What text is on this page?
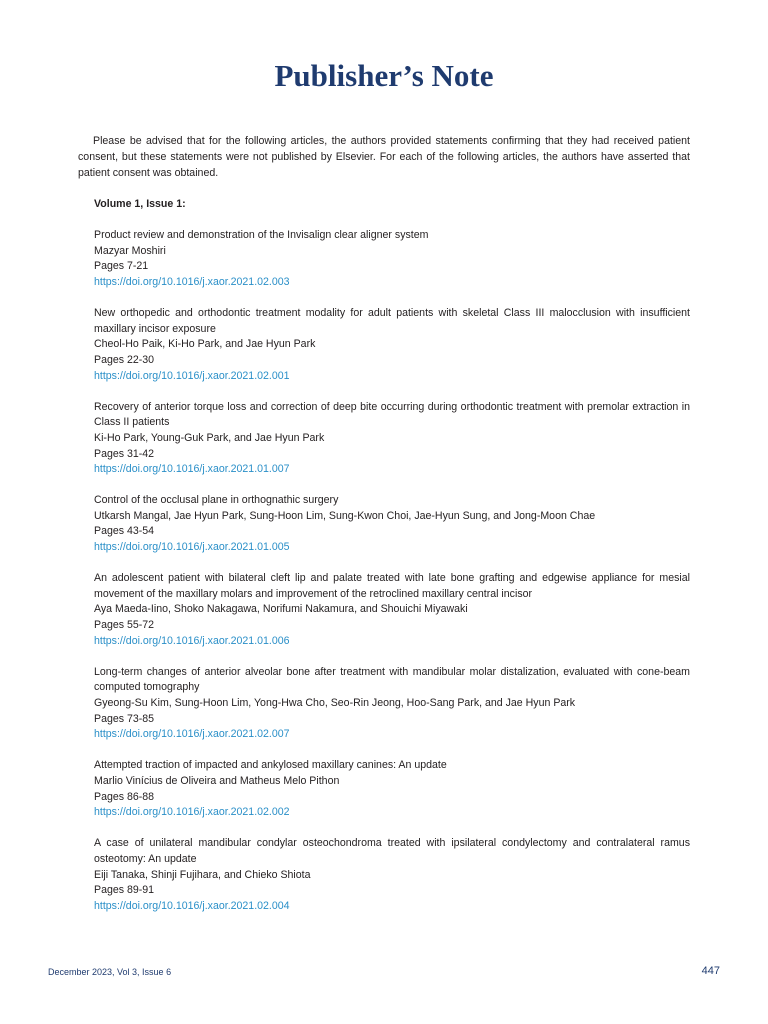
Publisher’s Note

Please be advised that for the following articles, the authors provided statements confirming that they had received patient consent, but these statements were not published by Elsevier. For each of the following articles, the authors have asserted that patient consent was obtained.

Volume 1, Issue 1:
Product review and demonstration of the Invisalign clear aligner system
Mazyar Moshiri
Pages 7-21
https://doi.org/10.1016/j.xaor.2021.02.003
New orthopedic and orthodontic treatment modality for adult patients with skeletal Class III malocclusion with insufficient maxillary incisor exposure
Cheol-Ho Paik, Ki-Ho Park, and Jae Hyun Park
Pages 22-30
https://doi.org/10.1016/j.xaor.2021.02.001
Recovery of anterior torque loss and correction of deep bite occurring during orthodontic treatment with premolar extraction in Class II patients
Ki-Ho Park, Young-Guk Park, and Jae Hyun Park
Pages 31-42
https://doi.org/10.1016/j.xaor.2021.01.007
Control of the occlusal plane in orthognathic surgery
Utkarsh Mangal, Jae Hyun Park, Sung-Hoon Lim, Sung-Kwon Choi, Jae-Hyun Sung, and Jong-Moon Chae
Pages 43-54
https://doi.org/10.1016/j.xaor.2021.01.005
An adolescent patient with bilateral cleft lip and palate treated with late bone grafting and edgewise appliance for mesial movement of the maxillary molars and improvement of the retroclined maxillary central incisor
Aya Maeda-Iino, Shoko Nakagawa, Norifumi Nakamura, and Shouichi Miyawaki
Pages 55-72
https://doi.org/10.1016/j.xaor.2021.01.006
Long-term changes of anterior alveolar bone after treatment with mandibular molar distalization, evaluated with cone-beam computed tomography
Gyeong-Su Kim, Sung-Hoon Lim, Yong-Hwa Cho, Seo-Rin Jeong, Hoo-Sang Park, and Jae Hyun Park
Pages 73-85
https://doi.org/10.1016/j.xaor.2021.02.007
Attempted traction of impacted and ankylosed maxillary canines: An update
Marlio Vinícius de Oliveira and Matheus Melo Pithon
Pages 86-88
https://doi.org/10.1016/j.xaor.2021.02.002
A case of unilateral mandibular condylar osteochondroma treated with ipsilateral condylectomy and contralateral ramus osteotomy: An update
Eiji Tanaka, Shinji Fujihara, and Chieko Shiota
Pages 89-91
https://doi.org/10.1016/j.xaor.2021.02.004
December 2023, Vol 3, Issue 6	447
